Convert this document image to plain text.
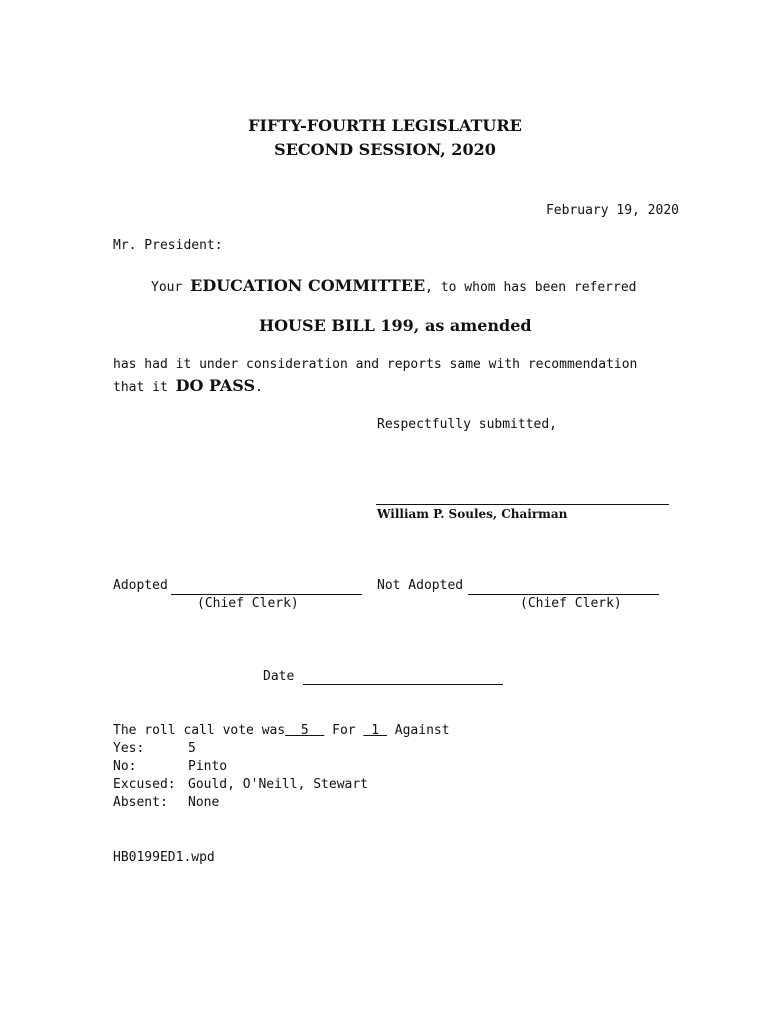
FIFTY-FOURTH LEGISLATURE
SECOND SESSION, 2020
February 19, 2020
Mr. President:
Your EDUCATION COMMITTEE, to whom has been referred
HOUSE BILL 199, as amended
has had it under consideration and reports same with recommendation
that it DO PASS.
Respectfully submitted,
William P. Soules, Chairman
Adopted
(Chief Clerk)
Not Adopted
(Chief Clerk)
Date
The roll call vote was 5 For 1 Against
Yes:	5
No:	Pinto
Excused: Gould, O'Neill, Stewart
Absent: None
HB0199ED1.wpd
